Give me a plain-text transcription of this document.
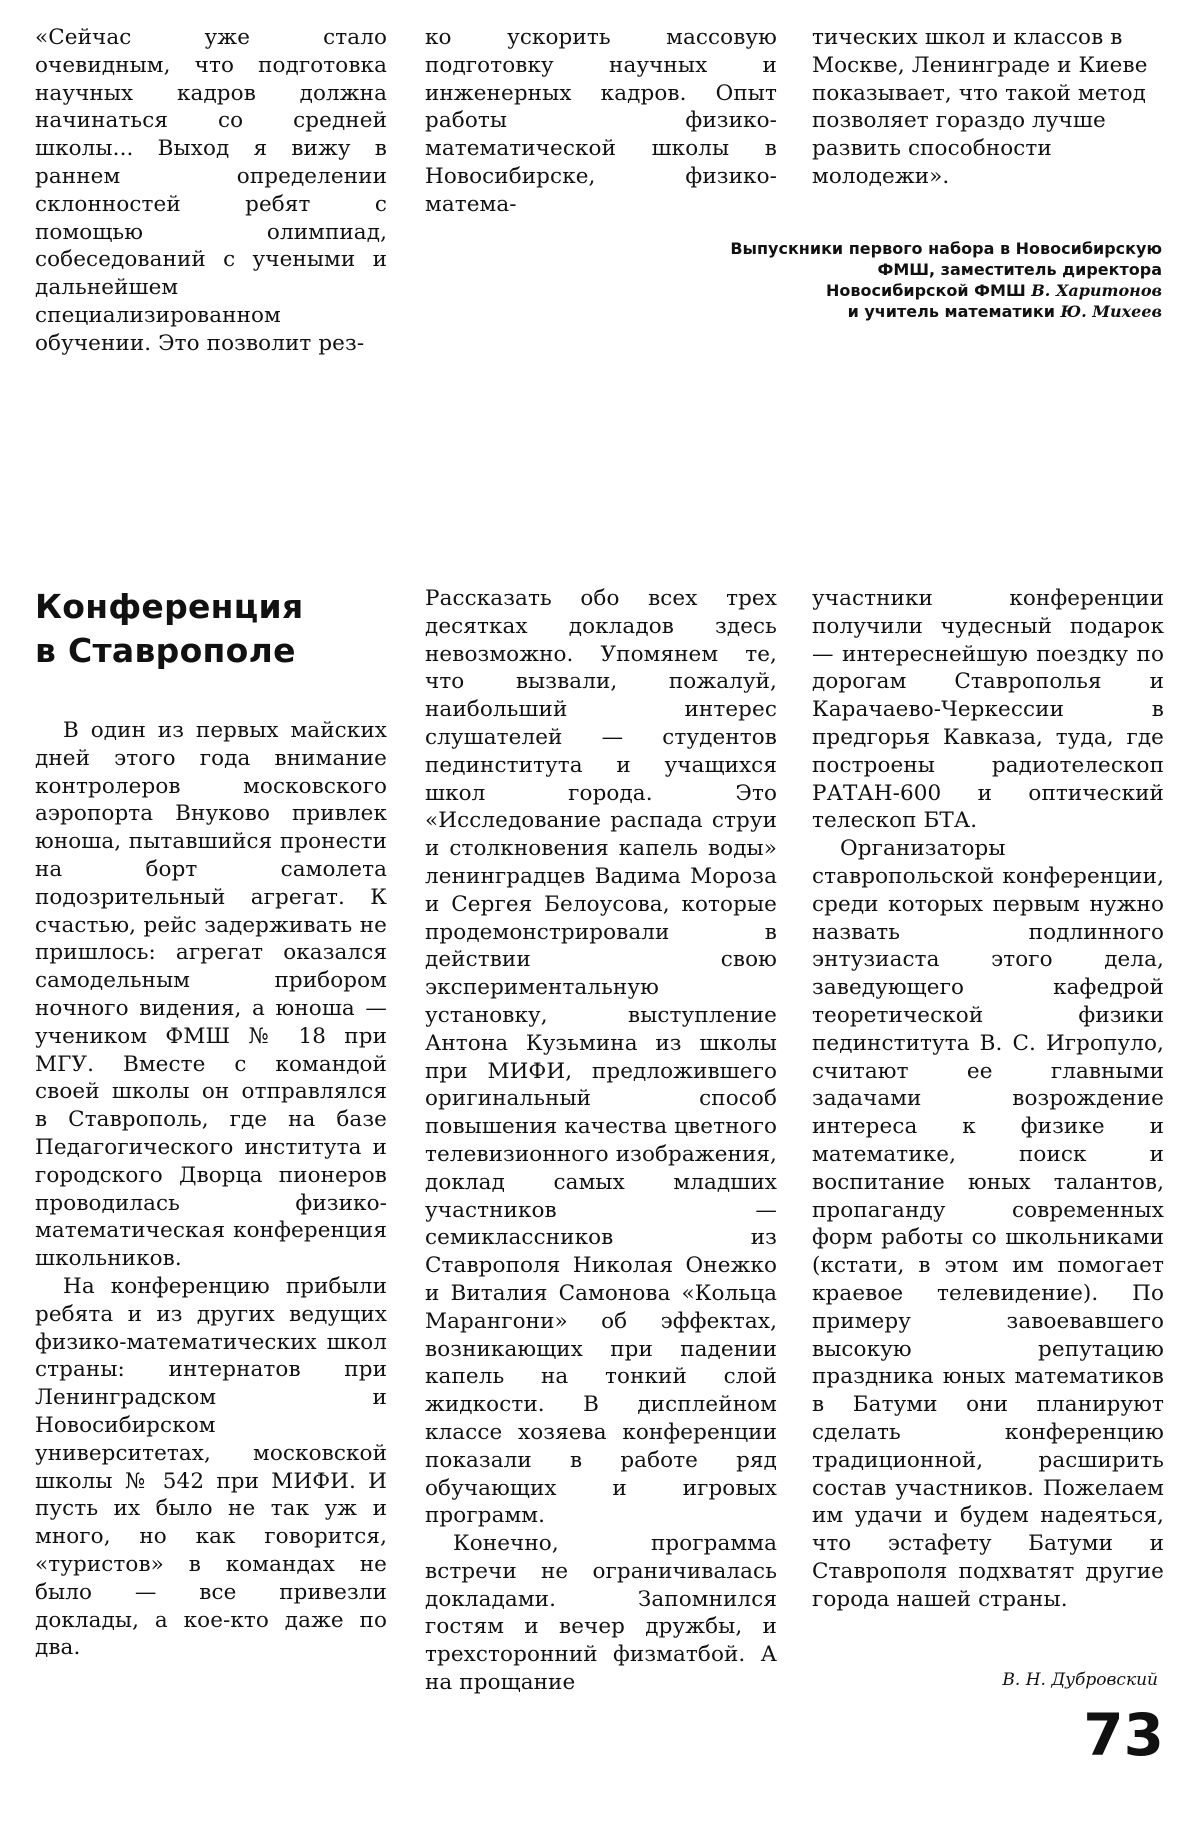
«Сейчас уже стало очевидным, что подготовка научных кадров должна начинаться со средней школы... Выход я вижу в раннем определении склонностей ребят с помощью олимпиад, собеседований с учеными и дальнейшем специализированном обучении. Это позволит рез-

ко ускорить массовую подготовку научных и инженерных кадров. Опыт работы физико-математической школы в Новосибирске, физико-матема-

тических школ и классов в Москве, Ленинграде и Киеве показывает, что такой метод позволяет гораздо лучше развить способности молодежи».

Выпускники первого набора в Новосибирскую
ФМШ, заместитель директора
Новосибирской ФМШ В. Харитонов
и учитель математики Ю. Михеев
Конференция
в Ставрополе

В один из первых майских дней этого года внимание контролеров московского аэропорта Внуково привлек юноша, пытавшийся пронести на борт самолета подозрительный агрегат. К счастью, рейс задерживать не пришлось: агрегат оказался самодельным прибором ночного видения, а юноша — учеником ФМШ № 18 при МГУ. Вместе с командой своей школы он отправлялся в Ставрополь, где на базе Педагогического института и городского Дворца пионеров проводилась физико-математическая конференция школьников.

На конференцию прибыли ребята и из других ведущих физико-математических школ страны: интернатов при Ленинградском и Новосибирском университетах, московской школы № 542 при МИФИ. И пусть их было не так уж и много, но как говорится, «туристов» в командах не было — все привезли доклады, а кое-кто даже по два.

Рассказать обо всех трех десятках докладов здесь невозможно. Упомянем те, что вызвали, пожалуй, наибольший интерес слушателей — студентов пединститута и учащихся школ города. Это «Исследование распада струи и столкновения капель воды» ленинградцев Вадима Мороза и Сергея Белоусова, которые продемонстрировали в действии свою экспериментальную установку, выступление Антона Кузьмина из школы при МИФИ, предложившего оригинальный способ повышения качества цветного телевизионного изображения, доклад самых младших участников — семиклассников из Ставрополя Николая Онежко и Виталия Самонова «Кольца Марангони» об эффектах, возникающих при падении капель на тонкий слой жидкости. В дисплейном классе хозяева конференции показали в работе ряд обучающих и игровых программ.

Конечно, программа встречи не ограничивалась докладами. Запомнился гостям и вечер дружбы, и трехсторонний физматбой. А на прощание

участники конференции получили чудесный подарок — интереснейшую поездку по дорогам Ставрополья и Карачаево-Черкессии в предгорья Кавказа, туда, где построены радиотелескоп РАТАН-600 и оптический телескоп БТА.

Организаторы ставропольской конференции, среди которых первым нужно назвать подлинного энтузиаста этого дела, заведующего кафедрой теоретической физики пединститута В. С. Игропуло, считают ее главными задачами возрождение интереса к физике и математике, поиск и воспитание юных талантов, пропаганду современных форм работы со школьниками (кстати, в этом им помогает краевое телевидение). По примеру завоевавшего высокую репутацию праздника юных математиков в Батуми они планируют сделать конференцию традиционной, расширить состав участников. Пожелаем им удачи и будем надеяться, что эстафету Батуми и Ставрополя подхватят другие города нашей страны.

В. Н. Дубровский
73
